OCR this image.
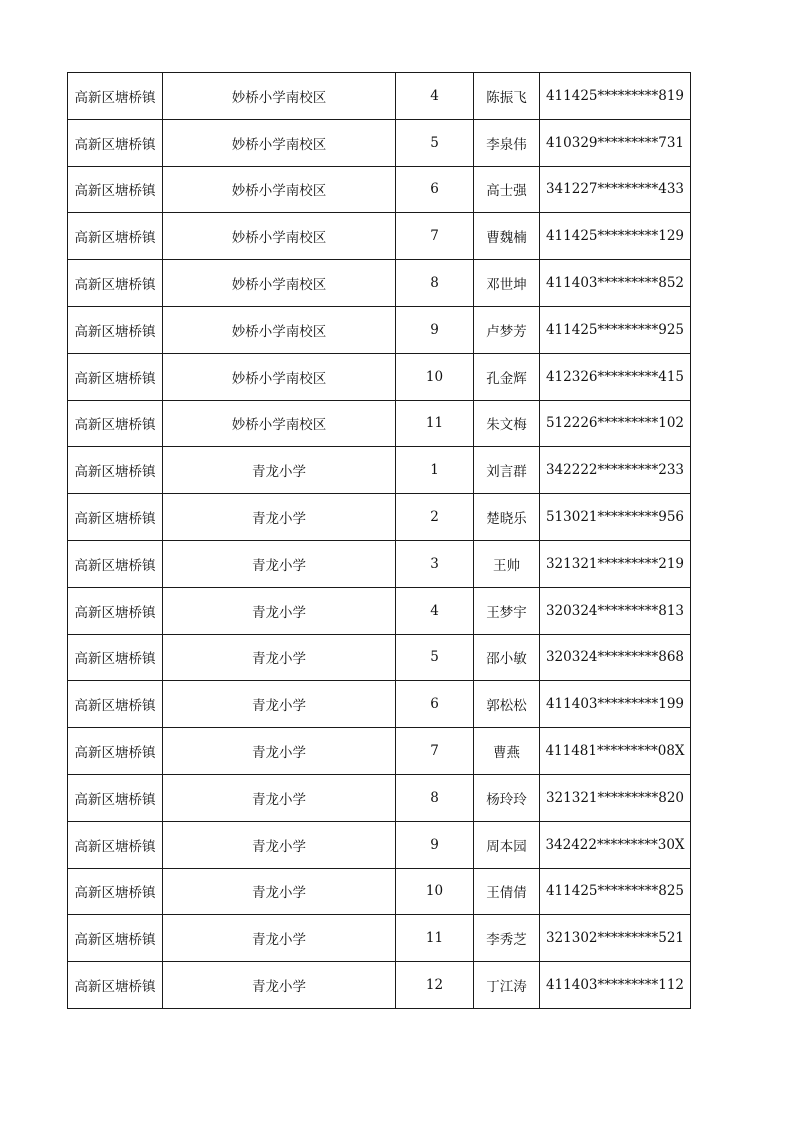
高新区塘桥镇	妙桥小学南校区	4	陈振飞	411425*********819
高新区塘桥镇	妙桥小学南校区	5	李泉伟	410329*********731
高新区塘桥镇	妙桥小学南校区	6	高士强	341227*********433
高新区塘桥镇	妙桥小学南校区	7	曹魏楠	411425*********129
高新区塘桥镇	妙桥小学南校区	8	邓世坤	411403*********852
高新区塘桥镇	妙桥小学南校区	9	卢梦芳	411425*********925
高新区塘桥镇	妙桥小学南校区	10	孔金辉	412326*********415
高新区塘桥镇	妙桥小学南校区	11	朱文梅	512226*********102
高新区塘桥镇	青龙小学	1	刘言群	342222*********233
高新区塘桥镇	青龙小学	2	楚晓乐	513021*********956
高新区塘桥镇	青龙小学	3	王帅	321321*********219
高新区塘桥镇	青龙小学	4	王梦宇	320324*********813
高新区塘桥镇	青龙小学	5	邵小敏	320324*********868
高新区塘桥镇	青龙小学	6	郭松松	411403*********199
高新区塘桥镇	青龙小学	7	曹燕	411481*********08X
高新区塘桥镇	青龙小学	8	杨玲玲	321321*********820
高新区塘桥镇	青龙小学	9	周本园	342422*********30X
高新区塘桥镇	青龙小学	10	王倩倩	411425*********825
高新区塘桥镇	青龙小学	11	李秀芝	321302*********521
高新区塘桥镇	青龙小学	12	丁江涛	411403*********112
